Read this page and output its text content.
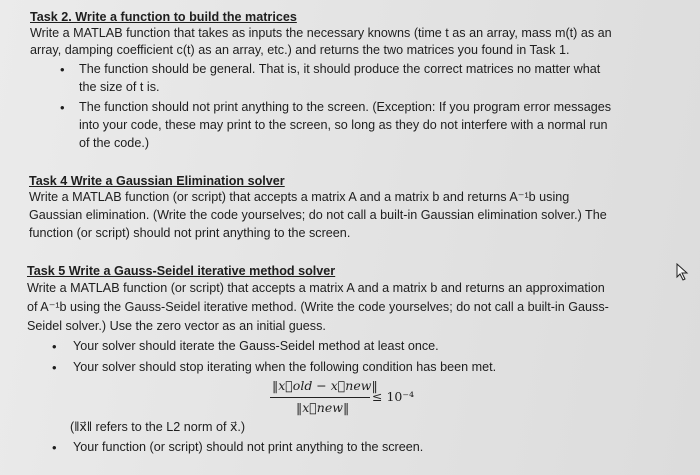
Task 2. Write a function to build the matrices
Write a MATLAB function that takes as inputs the necessary knowns (time t as an array, mass m(t) as an
array, damping coefficient c(t) as an array, etc.) and returns the two matrices you found in Task 1.
• The function should be general. That is, it should produce the correct matrices no matter what
the size of t is.
• The function should not print anything to the screen. (Exception: If you program error messages
into your code, these may print to the screen, so long as they do not interfere with a normal run
of the code.)
Task 4 Write a Gaussian Elimination solver
Write a MATLAB function (or script) that accepts a matrix A and a matrix b and returns A⁻¹b using
Gaussian elimination. (Write the code yourselves; do not call a built-in Gaussian elimination solver.) The
function (or script) should not print anything to the screen.
Task 5 Write a Gauss-Seidel iterative method solver
Write a MATLAB function (or script) that accepts a matrix A and a matrix b and returns an approximation
of A⁻¹b using the Gauss-Seidel iterative method. (Write the code yourselves; do not call a built-in Gauss-
Seidel solver.) Use the zero vector as an initial guess.
• Your solver should iterate the Gauss-Seidel method at least once.
• Your solver should stop iterating when the following condition has been met.
‖x⃗old − x⃗new‖
‖x⃗new‖
≤ 10⁻⁴
(‖x⃗‖ refers to the L2 norm of x⃗.)
• Your function (or script) should not print anything to the screen.
